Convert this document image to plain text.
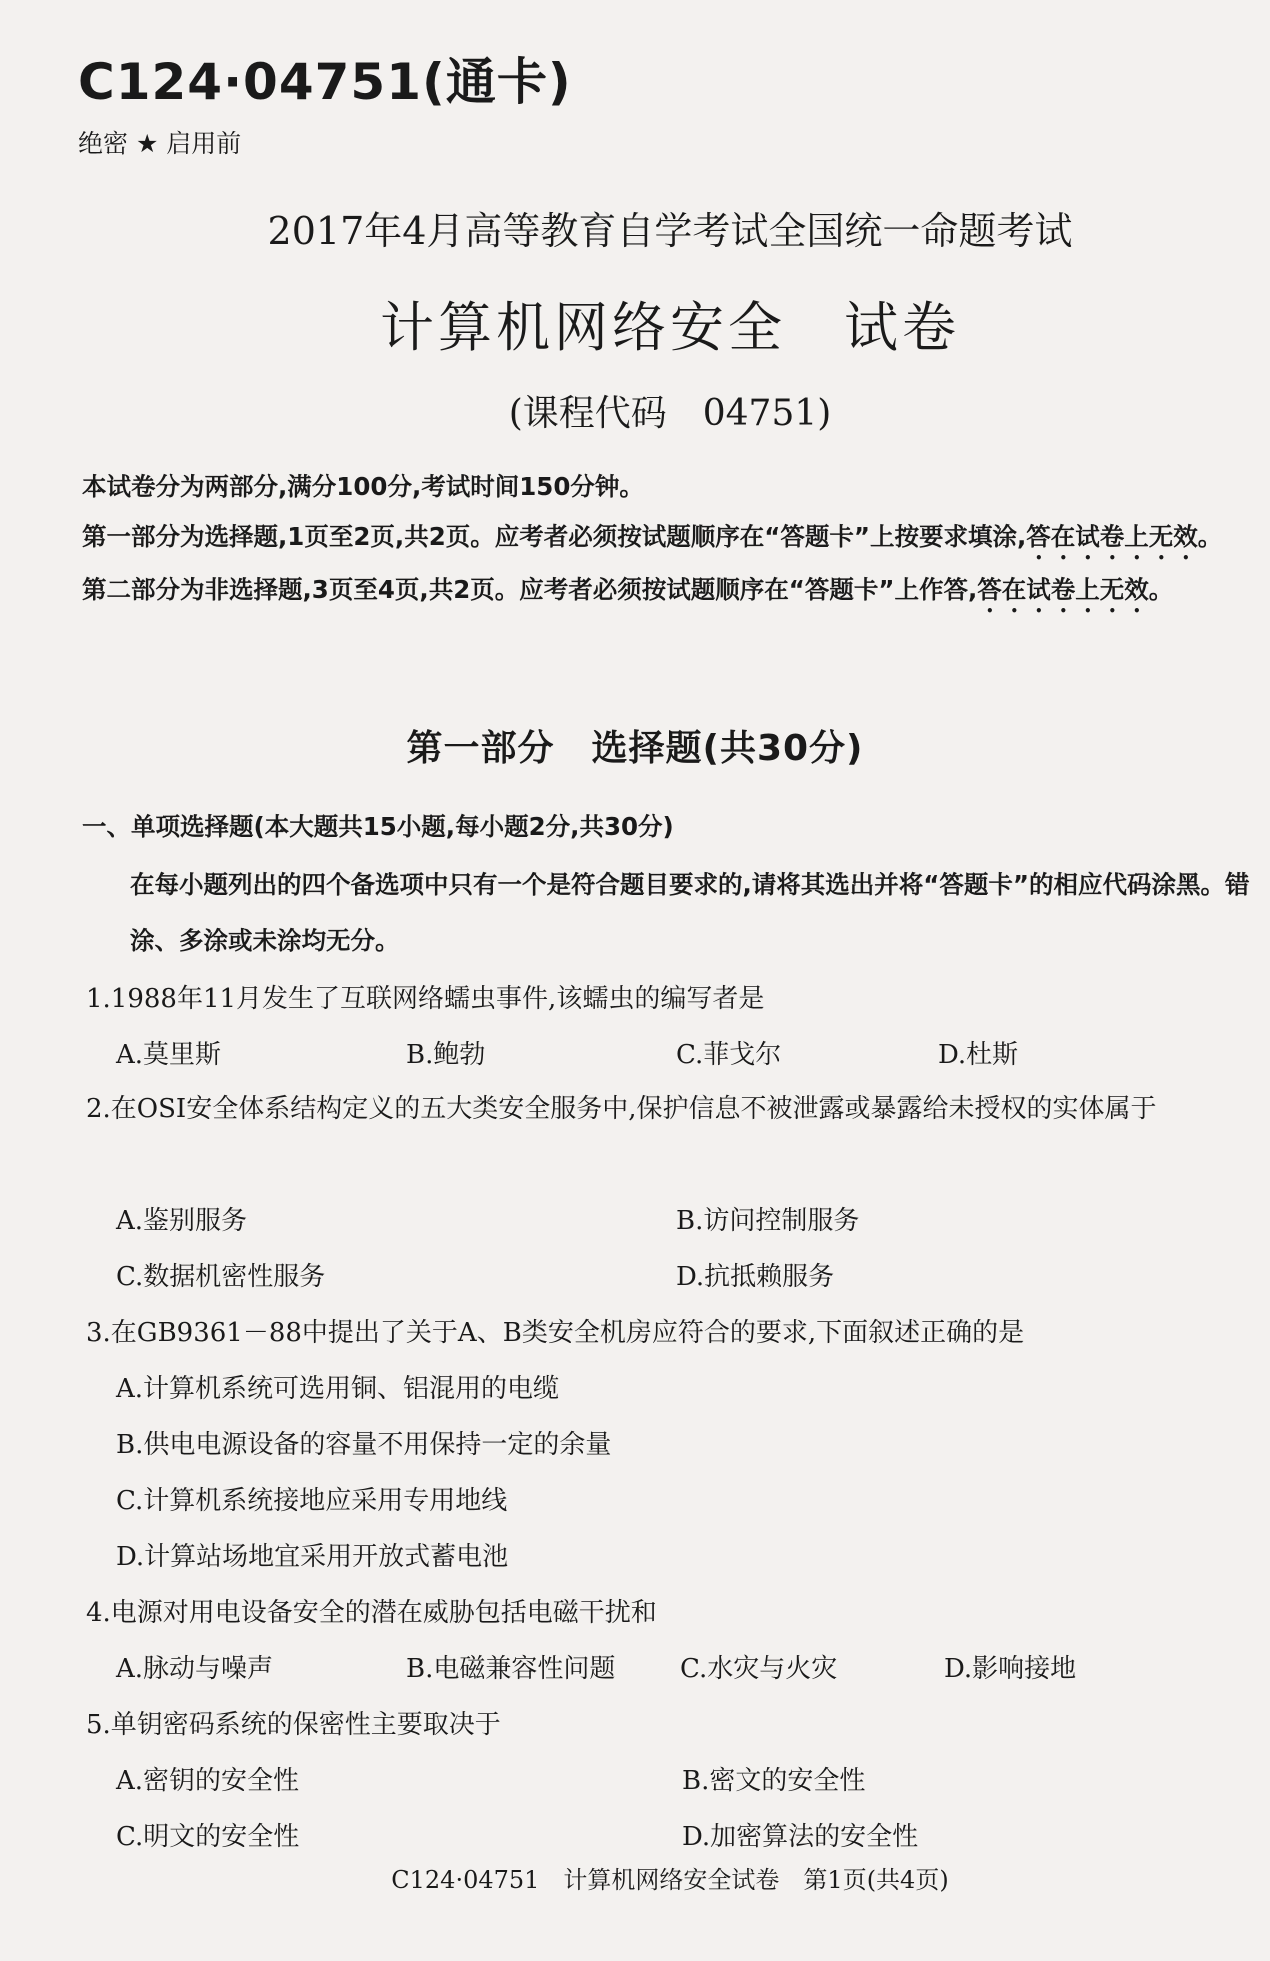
C124·04751(通卡)
绝密 ★ 启用前
2017年4月高等教育自学考试全国统一命题考试
计算机网络安全　试卷
(课程代码　04751)

本试卷分为两部分,满分100分,考试时间150分钟。

第一部分为选择题,1页至2页,共2页。应考者必须按试题顺序在“答题卡”上按要求填涂,答在试卷上无效。

第二部分为非选择题,3页至4页,共2页。应考者必须按试题顺序在“答题卡”上作答,答在试卷上无效。

第一部分　选择题(共30分)
一、单项选择题(本大题共15小题,每小题2分,共30分)
在每小题列出的四个备选项中只有一个是符合题目要求的,请将其选出并将“答题卡”的相应代码涂黑。错涂、多涂或未涂均无分。
1.1988年11月发生了互联网络蠕虫事件,该蠕虫的编写者是
A.莫里斯	B.鲍勃	C.菲戈尔	D.杜斯
2.在OSI安全体系结构定义的五大类安全服务中,保护信息不被泄露或暴露给未授权的实体属于
A.鉴别服务	B.访问控制服务
C.数据机密性服务	D.抗抵赖服务
3.在GB9361－88中提出了关于A、B类安全机房应符合的要求,下面叙述正确的是
A.计算机系统可选用铜、铝混用的电缆
B.供电电源设备的容量不用保持一定的余量
C.计算机系统接地应采用专用地线
D.计算站场地宜采用开放式蓄电池
4.电源对用电设备安全的潜在威胁包括电磁干扰和
A.脉动与噪声	B.电磁兼容性问题 C.水灾与火灾	D.影响接地
5.单钥密码系统的保密性主要取决于
A.密钥的安全性	B.密文的安全性
C.明文的安全性	D.加密算法的安全性
C124·04751　计算机网络安全试卷　第1页(共4页)
